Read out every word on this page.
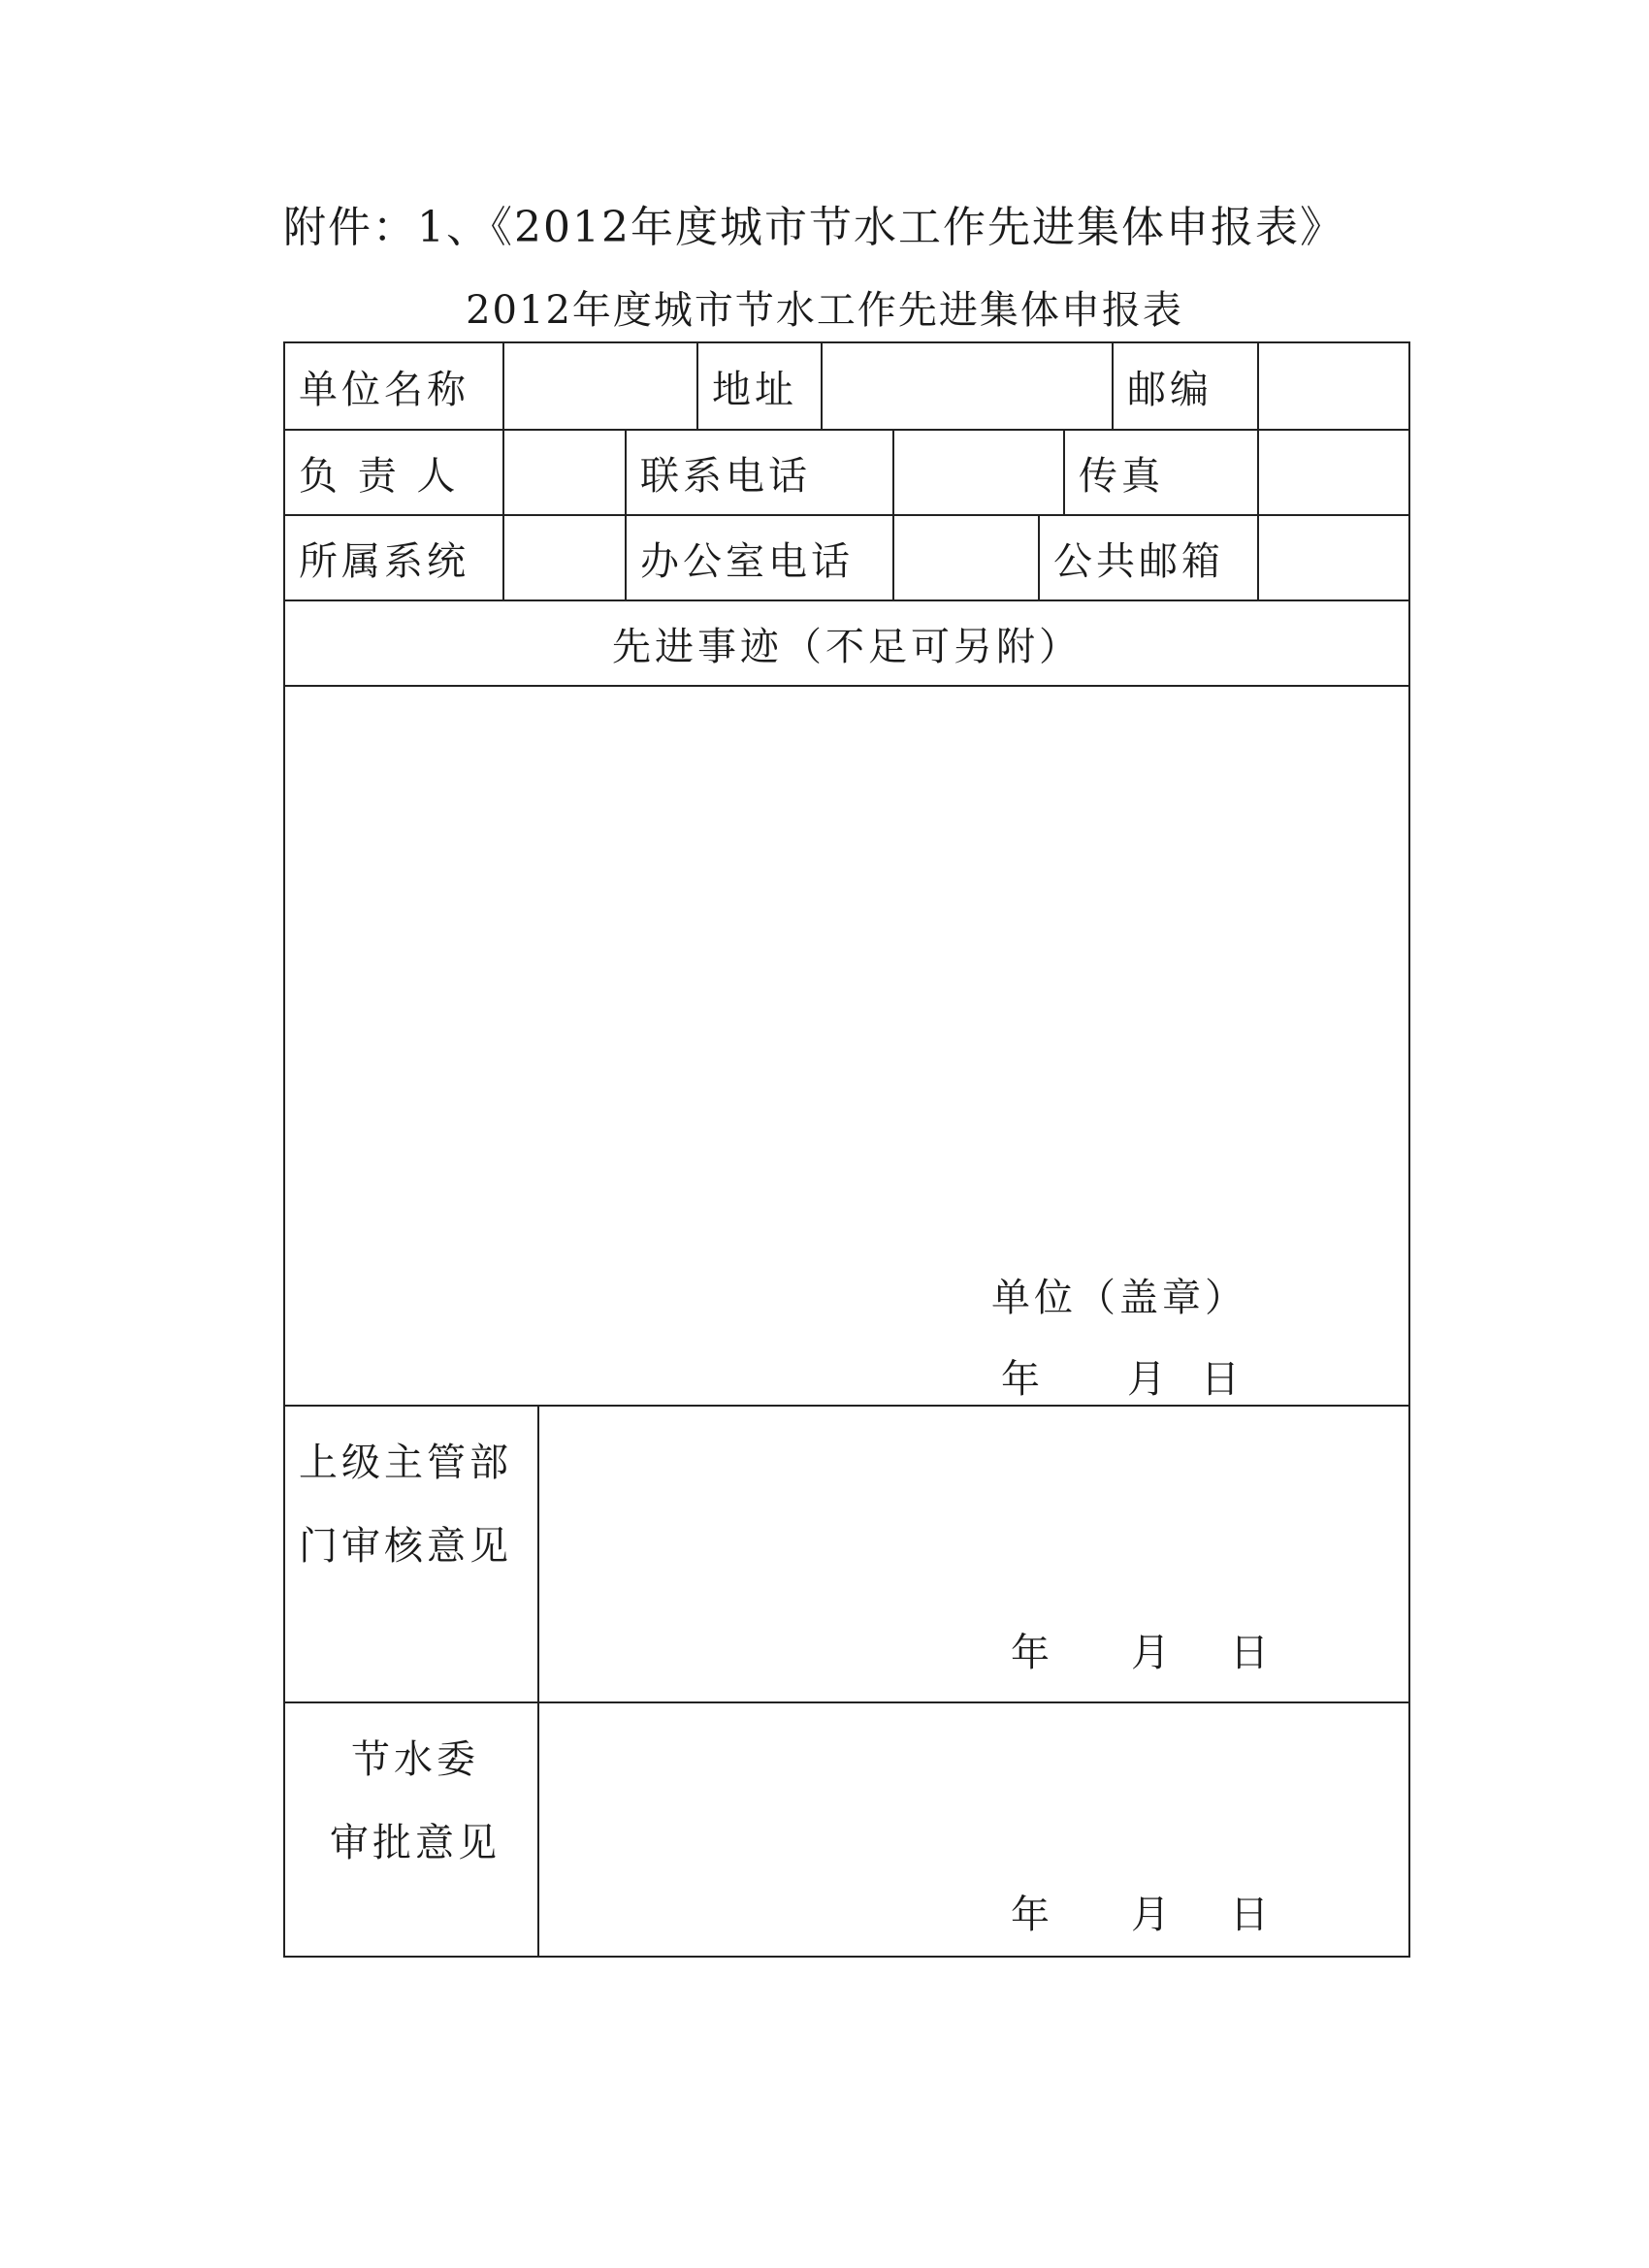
附件：1、《2012年度城市节水工作先进集体申报表》
2012年度城市节水工作先进集体申报表
单位名称	地址	邮编
负 责 人	联系电话	传真
所属系统	办公室电话	公共邮箱
先进事迹（不足可另附）
单位（盖章）
年 月 日
上级主管部
门审核意见
年 月 日
节水委
审批意见
年 月 日
